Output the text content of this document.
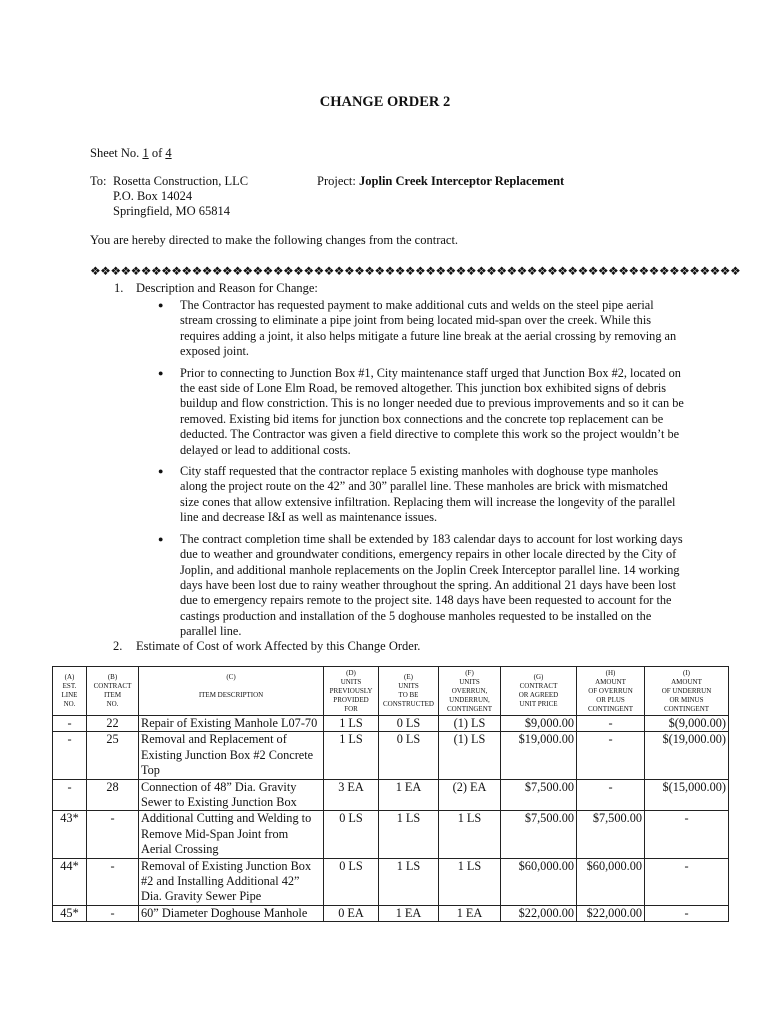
CHANGE ORDER 2
Sheet No. 1 of 4
To: Rosetta Construction, LLC
P.O. Box 14024
Springfield, MO 65814
Project: Joplin Creek Interceptor Replacement
You are hereby directed to make the following changes from the contract.
❖❖❖❖❖❖❖❖❖❖❖❖❖❖❖❖❖❖❖❖❖❖❖❖❖❖❖❖❖❖❖❖❖❖❖❖❖❖❖❖❖❖❖❖❖❖❖❖❖❖❖❖❖❖❖❖❖❖❖❖❖❖❖❖
1. Description and Reason for Change:
● The Contractor has requested payment to make additional cuts and welds on the steel pipe aerial stream crossing to eliminate a pipe joint from being located mid-span over the creek. While this requires adding a joint, it also helps mitigate a future line break at the aerial crossing by removing an exposed joint.
● Prior to connecting to Junction Box #1, City maintenance staff urged that Junction Box #2, located on the east side of Lone Elm Road, be removed altogether. This junction box exhibited signs of debris buildup and flow constriction. This is no longer needed due to previous improvements and so it can be removed. Existing bid items for junction box connections and the concrete top replacement can be deducted. The Contractor was given a field directive to complete this work so the project wouldn’t be delayed or lead to additional costs.
● City staff requested that the contractor replace 5 existing manholes with doghouse type manholes along the project route on the 42” and 30” parallel line. These manholes are brick with mismatched size cones that allow extensive infiltration. Replacing them will increase the longevity of the parallel line and decrease I&I as well as maintenance issues.
● The contract completion time shall be extended by 183 calendar days to account for lost working days due to weather and groundwater conditions, emergency repairs in other locale directed by the City of Joplin, and additional manhole replacements on the Joplin Creek Interceptor parallel line. 14 working days have been lost due to rainy weather throughout the spring. An additional 21 days have been lost due to emergency repairs remote to the project site. 148 days have been requested to account for the castings production and installation of the 5 doghouse manholes requested to be installed on the parallel line.
2. Estimate of Cost of work Affected by this Change Order.
(A)
EST.
LINE
NO.	(B)
CONTRACT
ITEM
NO.	(C)

ITEM DESCRIPTION	(D)
UNITS
PREVIOUSLY
PROVIDED
FOR	(E)
UNITS
TO BE
CONSTRUCTED	(F)
UNITS
OVERRUN,
UNDERRUN,
CONTINGENT	(G)
CONTRACT
OR AGREED
UNIT PRICE	(H)
AMOUNT
OF OVERRUN
OR PLUS
CONTINGENT	(I)
AMOUNT
OF UNDERRUN
OR MINUS
CONTINGENT
-	22	Repair of Existing Manhole L07-70	1 LS	0 LS	(1) LS	$9,000.00	-	$(9,000.00)
-	25	Removal and Replacement of Existing Junction Box #2 Concrete Top	1 LS	0 LS	(1) LS	$19,000.00	-	$(19,000.00)
-	28	Connection of 48” Dia. Gravity Sewer to Existing Junction Box	3 EA	1 EA	(2) EA	$7,500.00	-	$(15,000.00)
43*	-	Additional Cutting and Welding to Remove Mid-Span Joint from Aerial Crossing	0 LS	1 LS	1 LS	$7,500.00	$7,500.00	-
44*	-	Removal of Existing Junction Box #2 and Installing Additional 42” Dia. Gravity Sewer Pipe	0 LS	1 LS	1 LS	$60,000.00	$60,000.00	-
45*	-	60” Diameter Doghouse Manhole	0 EA	1 EA	1 EA	$22,000.00	$22,000.00	-
